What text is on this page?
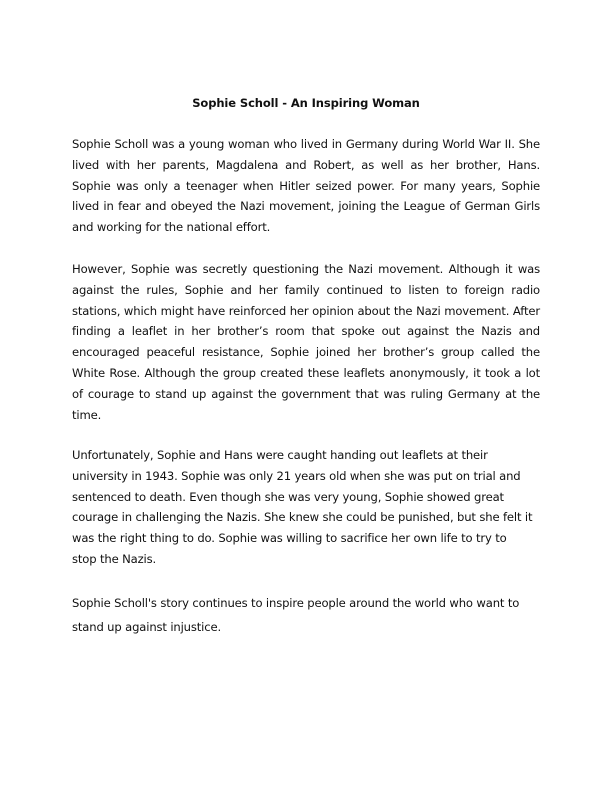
Sophie Scholl - An Inspiring Woman

Sophie Scholl was a young woman who lived in Germany during World War II. She lived with her parents, Magdalena and Robert, as well as her brother, Hans. Sophie was only a teenager when Hitler seized power. For many years, Sophie lived in fear and obeyed the Nazi movement, joining the League of German Girls and working for the national effort.

However, Sophie was secretly questioning the Nazi movement. Although it was against the rules, Sophie and her family continued to listen to foreign radio stations, which might have reinforced her opinion about the Nazi movement. After finding a leaflet in her brother’s room that spoke out against the Nazis and encouraged peaceful resistance, Sophie joined her brother’s group called the White Rose. Although the group created these leaflets anonymously, it took a lot of courage to stand up against the government that was ruling Germany at the time.

Unfortunately, Sophie and Hans were caught handing out leaflets at their university in 1943. Sophie was only 21 years old when she was put on trial and sentenced to death. Even though she was very young, Sophie showed great courage in challenging the Nazis. She knew she could be punished, but she felt it was the right thing to do. Sophie was willing to sacrifice her own life to try to stop the Nazis.

Sophie Scholl's story continues to inspire people around the world who want to stand up against injustice.
